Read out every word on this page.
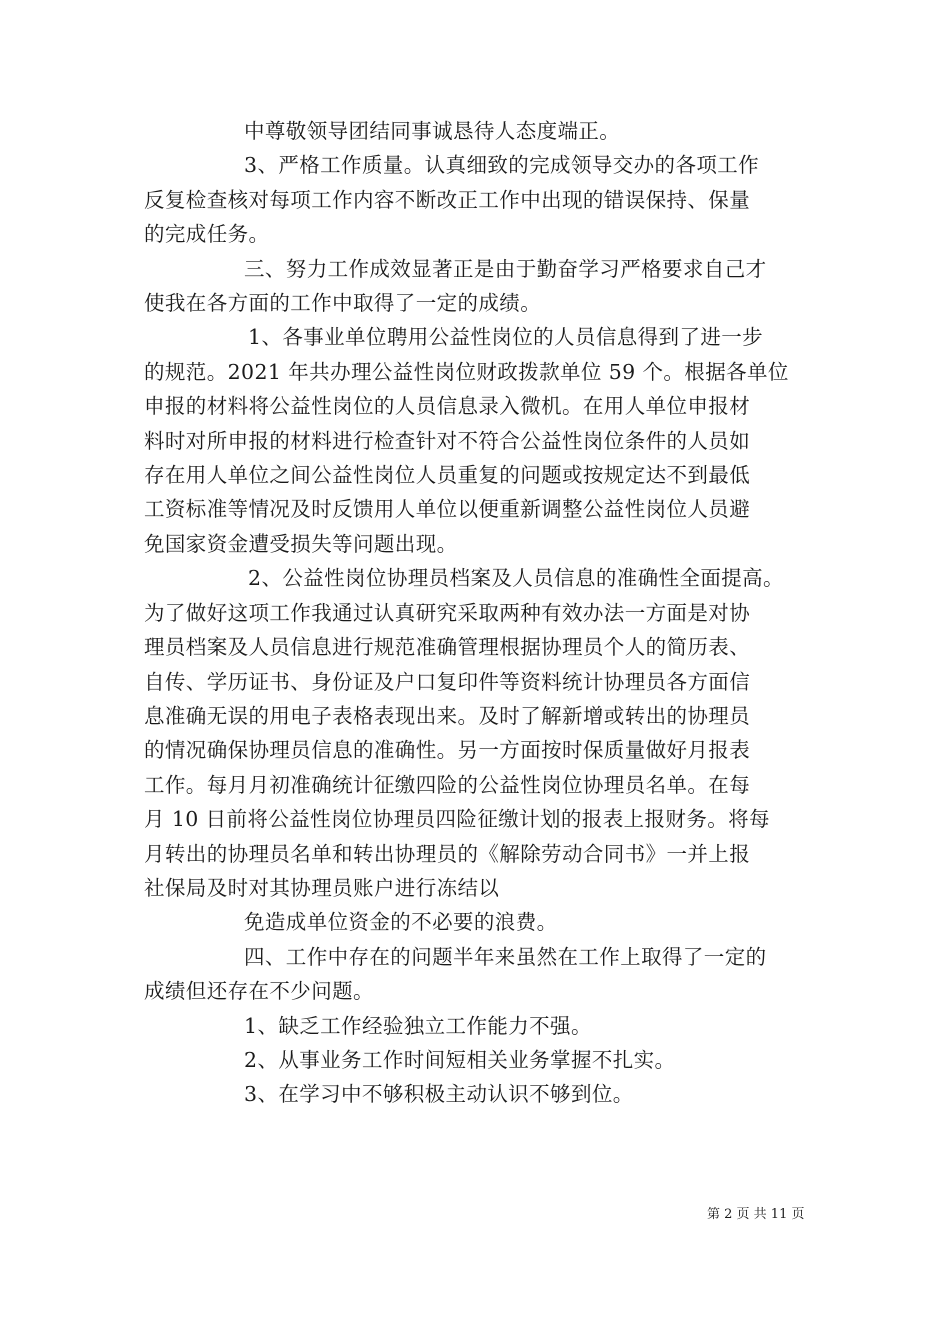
中尊敬领导团结同事诚恳待人态度端正。
3、严格工作质量。认真细致的完成领导交办的各项工作
反复检查核对每项工作内容不断改正工作中出现的错误保持、保量
的完成任务。
三、努力工作成效显著正是由于勤奋学习严格要求自己才
使我在各方面的工作中取得了一定的成绩。
1、各事业单位聘用公益性岗位的人员信息得到了进一步
的规范。2021 年共办理公益性岗位财政拨款单位 59 个。根据各单位
申报的材料将公益性岗位的人员信息录入微机。在用人单位申报材
料时对所申报的材料进行检查针对不符合公益性岗位条件的人员如
存在用人单位之间公益性岗位人员重复的问题或按规定达不到最低
工资标准等情况及时反馈用人单位以便重新调整公益性岗位人员避
免国家资金遭受损失等问题出现。
2、公益性岗位协理员档案及人员信息的准确性全面提高。
为了做好这项工作我通过认真研究采取两种有效办法一方面是对协
理员档案及人员信息进行规范准确管理根据协理员个人的简历表、
自传、学历证书、身份证及户口复印件等资料统计协理员各方面信
息准确无误的用电子表格表现出来。及时了解新增或转出的协理员
的情况确保协理员信息的准确性。另一方面按时保质量做好月报表
工作。每月月初准确统计征缴四险的公益性岗位协理员名单。在每
月 10 日前将公益性岗位协理员四险征缴计划的报表上报财务。将每
月转出的协理员名单和转出协理员的《解除劳动合同书》一并上报
社保局及时对其协理员账户进行冻结以
免造成单位资金的不必要的浪费。
四、工作中存在的问题半年来虽然在工作上取得了一定的
成绩但还存在不少问题。
1、缺乏工作经验独立工作能力不强。
2、从事业务工作时间短相关业务掌握不扎实。
3、在学习中不够积极主动认识不够到位。
第 2 页 共 11 页
